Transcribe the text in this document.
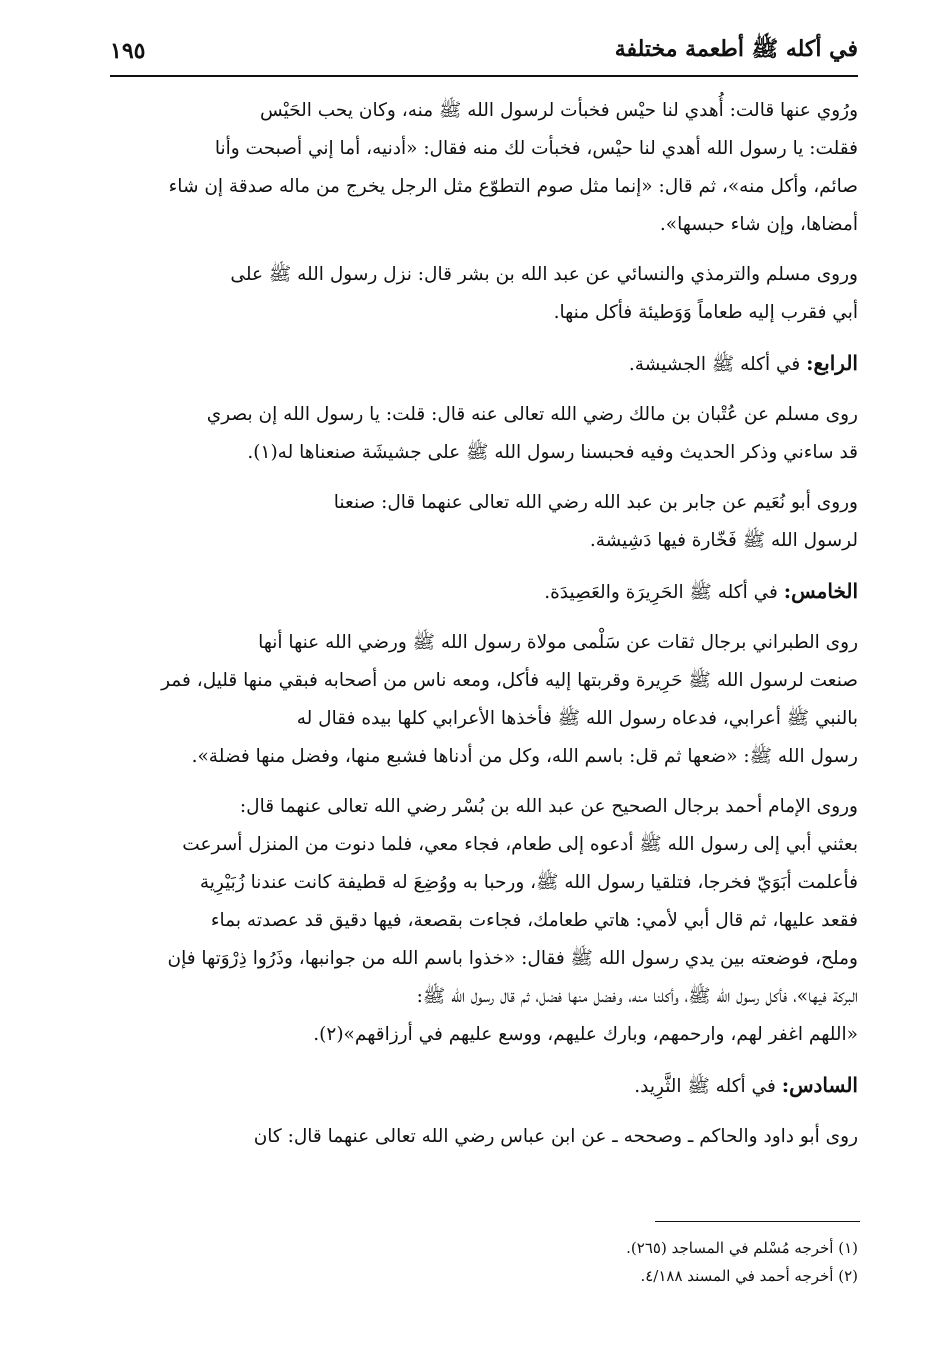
في أكله ﷺ أطعمة مختلفة
١٩٥
ورُوي عنها قالت: أُهدي لنا حيْس فخبأت لرسول الله ﷺ منه، وكان يحب الحَيْس
فقلت: يا رسول الله أهدي لنا حيْس، فخبأت لك منه فقال: «أدنيه، أما إني أصبحت وأنا
صائم، وأكل منه»، ثم قال: «إنما مثل صوم التطوّع مثل الرجل يخرج من ماله صدقة إن شاء
أمضاها، وإن شاء حبسها».
وروى مسلم والترمذي والنسائي عن عبد الله بن بشر قال: نزل رسول الله ﷺ على
أبي فقرب إليه طعاماً وَوَطيئة فأكل منها.
الرابع: في أكله ﷺ الجشيشة.
روى مسلم عن عُتْبان بن مالك رضي الله تعالى عنه قال: قلت: يا رسول الله إن بصري
قد ساءني وذكر الحديث وفيه فحبسنا رسول الله ﷺ على جشيشَة صنعناها له(١).
وروى أبو نُعَيم عن جابر بن عبد الله رضي الله تعالى عنهما قال: صنعنا
لرسول الله ﷺ فَخّارة فيها دَشِيشة.
الخامس: في أكله ﷺ الحَرِيرَة والعَصِيدَة.
روى الطبراني برجال ثقات عن سَلْمى مولاة رسول الله ﷺ ورضي الله عنها أنها
صنعت لرسول الله ﷺ حَرِيرة وقربتها إليه فأكل، ومعه ناس من أصحابه فبقي منها قليل، فمر
بالنبي ﷺ أعرابي، فدعاه رسول الله ﷺ فأخذها الأعرابي كلها بيده فقال له
رسول الله ﷺ: «ضعها ثم قل: باسم الله، وكل من أدناها فشبع منها، وفضل منها فضلة».
وروى الإمام أحمد برجال الصحيح عن عبد الله بن بُسْر رضي الله تعالى عنهما قال:
بعثني أبي إلى رسول الله ﷺ أدعوه إلى طعام، فجاء معي، فلما دنوت من المنزل أسرعت
فأعلمت أبَوَيّ فخرجا، فتلقيا رسول الله ﷺ، ورحبا به ووُضِعَ له قطيفة كانت عندنا زُبَيْرِية
فقعد عليها، ثم قال أبي لأمي: هاتي طعامك، فجاءت بقصعة، فيها دقيق قد عصدته بماء
وملح، فوضعته بين يدي رسول الله ﷺ فقال: «خذوا باسم الله من جوانبها، وذَرُوا ذِرْوَتها فإن
البركة فيها»، فأكل رسول الله ﷺ، وأكلنا منه، وفضل منها فضل، ثم قال رسول الله ﷺ:
«اللهم اغفر لهم، وارحمهم، وبارك عليهم، ووسع عليهم في أرزاقهم»(٢).
السادس: في أكله ﷺ الثَّرِيد.
روى أبو داود والحاكم ـ وصححه ـ عن ابن عباس رضي الله تعالى عنهما قال: كان
(١) أخرجه مُسْلم في المساجد (٢٦٥).
(٢) أخرجه أحمد في المسند ٤/١٨٨.
